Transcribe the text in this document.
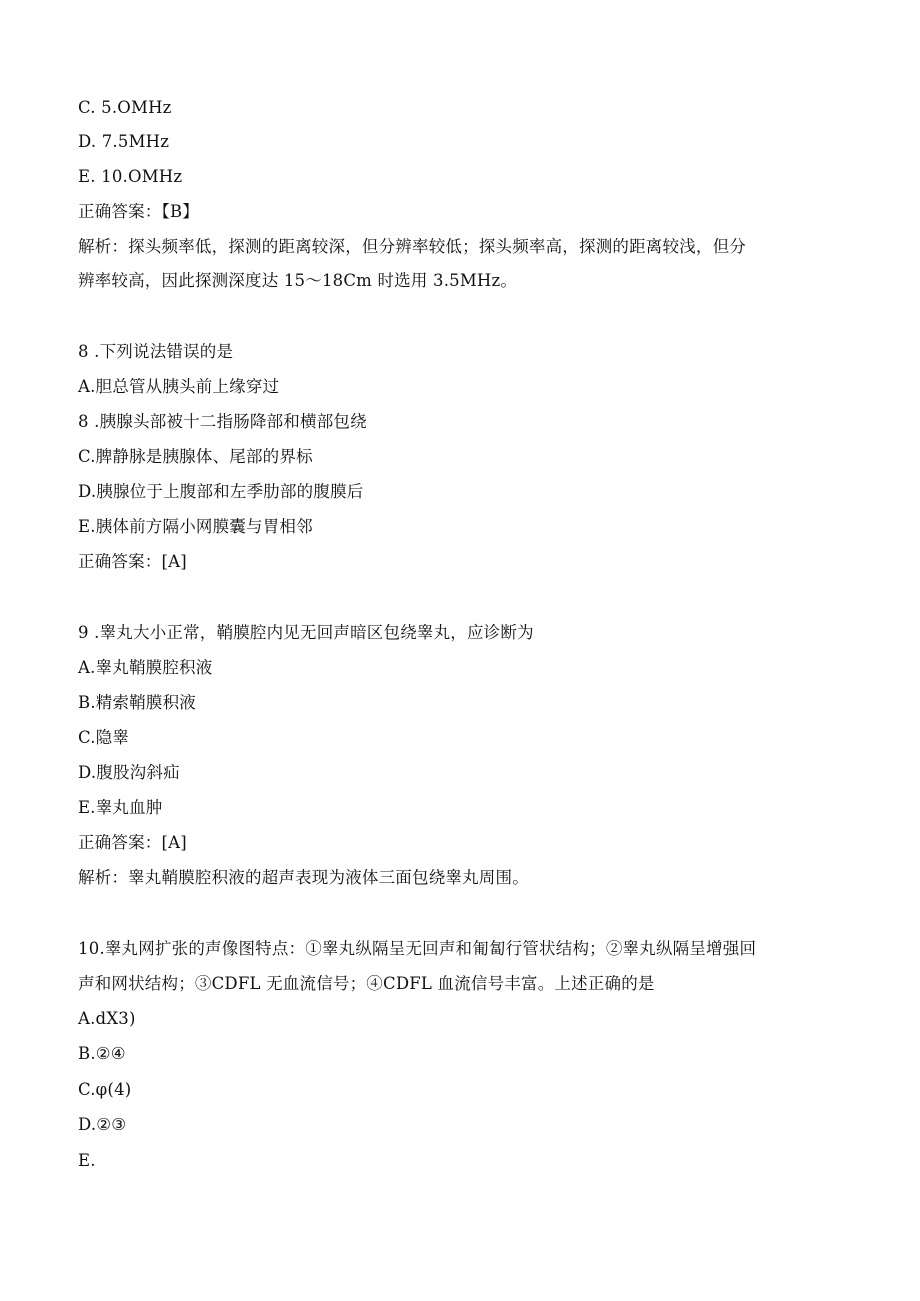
C. 5.OMHz
D. 7.5MHz
E. 10.OMHz
正确答案：【B】
解析：探头频率低，探测的距离较深，但分辨率较低；探头频率高，探测的距离较浅，但分
辨率较高，因此探测深度达 15～18Cm 时选用 3.5MHz。
8 .下列说法错误的是
A.胆总管从胰头前上缘穿过
8 .胰腺头部被十二指肠降部和横部包绕
C.脾静脉是胰腺体、尾部的界标
D.胰腺位于上腹部和左季肋部的腹膜后
E.胰体前方隔小网膜囊与胃相邻
正确答案：[A]
9 .睾丸大小正常，鞘膜腔内见无回声暗区包绕睾丸，应诊断为
A.睾丸鞘膜腔积液
B.精索鞘膜积液
C.隐睾
D.腹股沟斜疝
E.睾丸血肿
正确答案：[A]
解析：睾丸鞘膜腔积液的超声表现为液体三面包绕睾丸周围。
10.睾丸网扩张的声像图特点：①睾丸纵隔呈无回声和匍匐行管状结构；②睾丸纵隔呈增强回
声和网状结构；③CDFL 无血流信号；④CDFL 血流信号丰富。上述正确的是
A.dX3)
B.②④
C.φ(4)
D.②③
E.
